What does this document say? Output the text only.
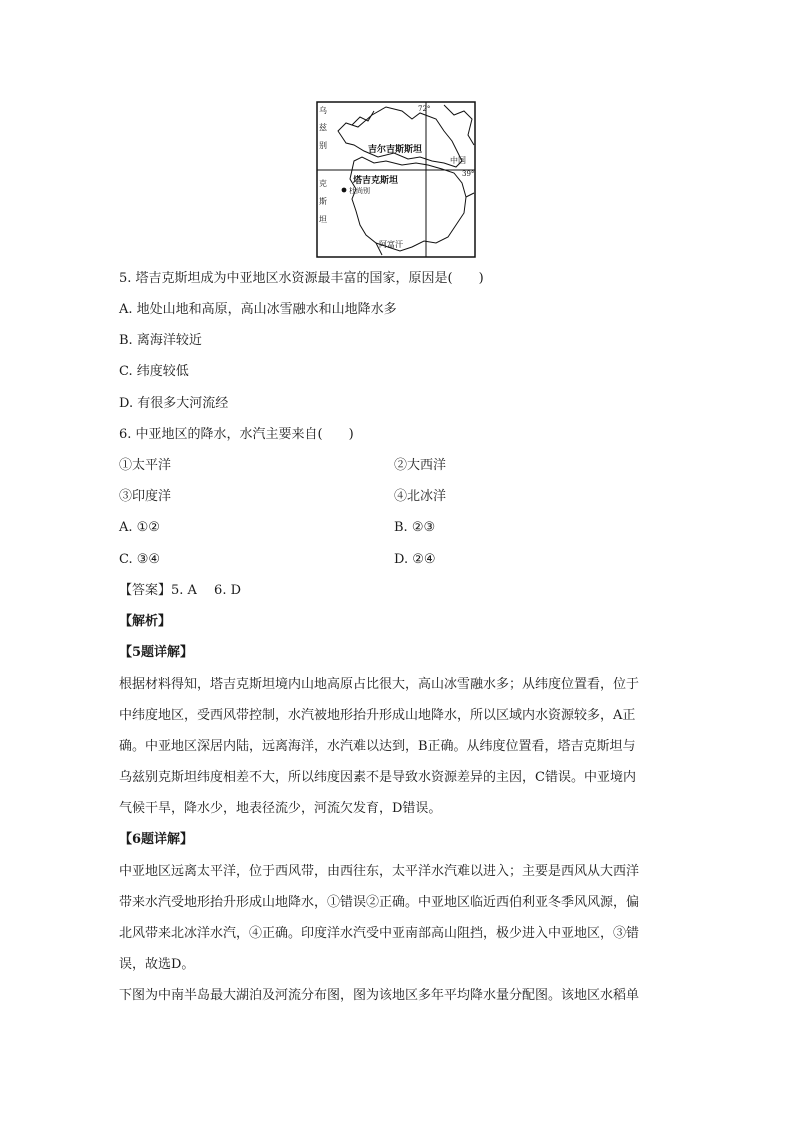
乌
兹
别
克
斯
坦
72°
吉尔吉斯斯坦
中国
39°
塔吉克斯坦
杜尚别
阿富汗
5. 塔吉克斯坦成为中亚地区水资源最丰富的国家，原因是(　　)
A. 地处山地和高原，高山冰雪融水和山地降水多
B. 离海洋较近
C. 纬度较低
D. 有很多大河流经
6. 中亚地区的降水，水汽主要来自(　　)
①太平洋	②大西洋
③印度洋	④北冰洋
A. ①②	B. ②③
C. ③④	D. ②④
【答案】5. A　 6. D
【解析】
【5题详解】
根据材料得知，塔吉克斯坦境内山地高原占比很大，高山冰雪融水多；从纬度位置看，位于
中纬度地区，受西风带控制，水汽被地形抬升形成山地降水，所以区域内水资源较多，A正
确。中亚地区深居内陆，远离海洋，水汽难以达到，B正确。从纬度位置看，塔吉克斯坦与
乌兹别克斯坦纬度相差不大，所以纬度因素不是导致水资源差异的主因，C错误。中亚境内
气候干旱，降水少，地表径流少，河流欠发育，D错误。
【6题详解】
中亚地区远离太平洋，位于西风带，由西往东，太平洋水汽难以进入；主要是西风从大西洋
带来水汽受地形抬升形成山地降水，①错误②正确。中亚地区临近西伯利亚冬季风风源，偏
北风带来北冰洋水汽，④正确。印度洋水汽受中亚南部高山阻挡，极少进入中亚地区，③错
误，故选D。
下图为中南半岛最大湖泊及河流分布图，图为该地区多年平均降水量分配图。该地区水稻单
